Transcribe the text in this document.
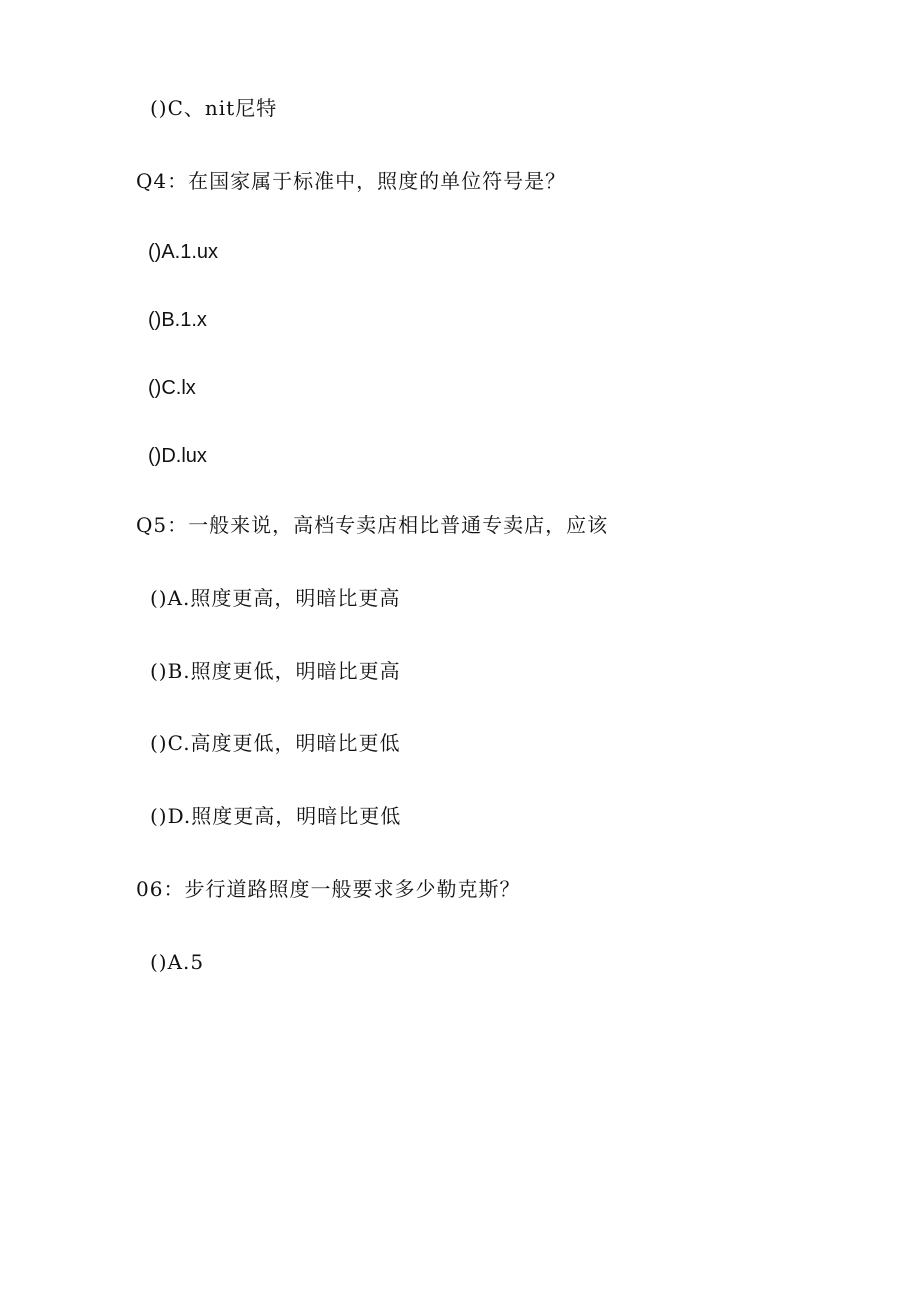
()C、nit尼特
Q4：在国家属于标准中，照度的单位符号是？
()A.1.ux
()B.1.x
()C.lx
()D.lux
Q5：一般来说，高档专卖店相比普通专卖店，应该
()A.照度更高，明暗比更高
()B.照度更低，明暗比更高
()C.高度更低，明暗比更低
()D.照度更高，明暗比更低
06：步行道路照度一般要求多少勒克斯？
()A.5
